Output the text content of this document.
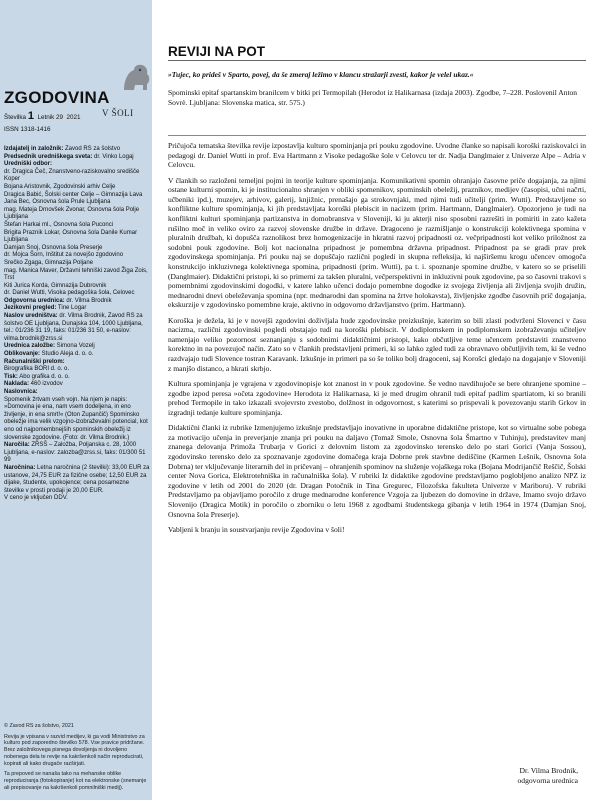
ZGODOVINA
V ŠOLI
Številka 1 Letnik 29 2021
ISSN 1318-1416

Izdajatelj in založnik: Zavod RS za šolstvo

Predsednik uredniškega sveta: dr. Vinko Logaj

Uredniški odbor:

dr. Dragica Čeč, Znanstveno-raziskovalno središče Koper

Bojana Aristovnik, Zgodovinski arhiv Celje

Dragica Babić, Šolski center Celje – Gimnazija Lava

Jana Bec, Osnovna šola Prule Ljubljana

mag. Mateja Drnovšek Zvonar, Osnovna šola Polje Ljubljana

Štefan Harkai ml., Osnovna šola Puconci

Brigita Praznik Lokar, Osnovna šola Danile Kumar Ljubljana

Damjan Snoj, Osnovna šola Preserje

dr. Mojca Šorn, Inštitut za novejšo zgodovino

Srečko Zgaga, Gimnazija Poljane

mag. Manica Maver, Državni tehniški zavod Žiga Zois, Trst

Kiti Jurica Korda, Gimnazija Dubrovnik

dr. Daniel Wutti, Visoka pedagoška šola, Celovec

Odgovorna urednica: dr. Vilma Brodnik

Jezikovni pregled: Tine Logar

Naslov uredništva: dr. Vilma Brodnik, Zavod RS za šolstvo OE Ljubljana, Dunajska 104, 1000 Ljubljana, tel.: 01/236 31 19, faks: 01/236 31 50, e-naslov: vilma.brodnik@zrss.si

Urednica založbe: Simona Vozelj

Oblikovanje: Studio Aleja d. o. o.

Računalniški prelom:

Birografika BORI d. o. o.

Tisk: Abo grafika d. o. o.

Naklada: 460 izvodov

Naslovnica:

Spomenik žrtvam vseh vojn. Na njem je napis: »Domovina je ena, nam vsem dodeljena, in eno življenje, in ena smrt!« (Oton Zupančič) Spominsko obeležje ima velik vzgojno-izobraževalni potencial, kot eno od najpomembnejših spominskih obeležij iz slovenske zgodovine. (Foto: dr. Vilma Brodnik.)

Naročila: ZRSŠ – Založba, Poljanska c. 28, 1000 Ljubljana, e-naslov: zalozba@zrss.si, faks: 01/300 51 99

Naročnina: Letna naročnina (2 številki): 33,00 EUR za ustanove, 24,75 EUR za fizične osebe; 12,50 EUR za dijake, študente, upokojence; cena posamezne številke v prosti prodaji je 20,00 EUR.

V ceno je vključen DDV.

© Zavod RS za šolstvo, 2021

Revija je vpisana v razvid medijev, ki ga vodi Ministrstvo za kulturo pod zaporedno številko 578. Vse pravice pridržane. Brez založnikovega pisnega dovoljenja ni dovoljeno nobenega dela te revije na kakršenkoli način reproducirati, kopirati ali kako drugače razširjati.

Ta prepoved se nanaša tako na mehanske oblike reproduciranja (fotokopiranje) kot na elektronske (snemanje ali prepisovanje na kakršenkoli pomnilniški medij).

REVIJI NA POT
»Tujec, ko prideš v Sparto, povej, da še zmeraj ležimo v klancu stražarji zvesti, kakor je velel ukaz.«
Spominski epitaf spartanskim branilcem v bitki pri Termopilah (Herodot iz Halikarnasa (izdaja 2003). Zgodbe, 7–228. Poslovenil Anton Sovrè. Ljubljana: Slovenska matica, str. 575.)

Pričujoča tematska številka revije izpostavlja kulturo spominjanja pri pouku zgodovine. Uvodne članke so napisali koroški raziskovalci in pedagogi dr. Daniel Wutti in prof. Eva Hartmann z Visoke pedagoške šole v Celovcu ter dr. Nadja Danglmaier z Univerze Alpe – Adria v Celovcu.

V člankih so razloženi temeljni pojmi in teorije kulture spominjanja. Komunikativni spomin ohranjajo časovne priče dogajanja, za njimi ostane kulturni spomin, ki je institucionalno shranjen v obliki spomenikov, spominskih obeležij, praznikov, medijev (časopisi, učni načrti, učbeniki ipd.), muzejev, arhivov, galerij, knjižnic, prenašajo ga strokovnjaki, med njimi tudi učitelji (prim. Wutti). Predstavljene so konfliktne kulture spominjanja, ki jih predstavljata koroški plebiscit in nacizem (prim. Hartmann, Danglmaier). Opozorjeno je tudi na konfliktni kulturi spominjanja partizanstva in domobranstva v Sloveniji, ki ju akterji niso sposobni razrešiti in pomiriti in zato kažeta rušilno moč in veliko oviro za razvoj slovenske družbe in države. Dragoceno je razmišljanje o konstrukciji kolektivnega spomina v pluralnih družbah, ki dopušča raznolikost brez homogenizacije in hkratni razvoj pripadnosti oz. večpripadnosti kot veliko priložnost za sodobni pouk zgodovine. Bolj kot nacionalna pripadnost je pomembna državna pripadnost. Pripadnost pa se gradi prav prek zgodovinskega spominjanja. Pri pouku naj se dopuščajo različni pogledi in skupna refleksija, ki najširšemu krogu učencev omogoča konstrukcijo inkluzivnega kolektivnega spomina, pripadnosti (prim. Wutti), pa t. i. spoznanje spomine družbe, v katero so se priselili (Danglmaier). Didaktični pristopi, ki so primerni za takšen pluralni, večperspektivni in inkluzivni pouk zgodovine, pa so časovni trakovi s pomembnimi zgodovinskimi dogodki, v katere lahko učenci dodajo pomembne dogodke iz svojega življenja ali življenja svojih družin, mednarodni dnevi obeleževanja spomina (npr. mednarodni dan spomina na žrtve holokavsta), življenjske zgodbe časovnih prič dogajanja, ekskurzije v zgodovinsko pomembne kraje, aktivno in odgovorno državljanstvo (prim. Hartmann).

Koroška je dežela, ki je v novejši zgodovini doživljala hude zgodovinske preizkušnje, katerim so bili zlasti podvrženi Slovenci v času nacizma, različni zgodovinski pogledi obstajajo tudi na koroški plebiscit. V dodiplomskem in podiplomskem izobraževanju učiteljev namenjajo veliko pozornost seznanjanju s sodobnimi didaktičnimi pristopi, kako občutljive teme učencem predstaviti znanstveno korektno in na povezujoč način. Zato so v člankih predstavljeni primeri, ki so lahko zgled tudi za obravnavo občutljivih tem, ki še vedno razdvajajo tudi Slovence tostran Karavank. Izkušnje in primeri pa so še toliko bolj dragoceni, saj Korošci gledajo na dogajanje v Sloveniji z manjšo distanco, a hkrati skrbjo.

Kultura spominjanja je vgrajena v zgodovinopisje kot znanost in v pouk zgodovine. Še vedno navdihujoče se bere ohranjene spomine – zgodbe izpod peresa »očeta zgodovine« Herodota iz Halikarnasa, ki je med drugim ohranil tudi epitaf padlim spartiatom, ki so branili prehod Termopile in tako izkazali svojevrsto zvestobo, dolžnost in odgovornost, s katerimi so prispevali k povezovanju starih Grkov in izgradnji tedanje kulture spominjanja.

Didaktični članki iz rubrike Izmenjujemo izkušnje predstavljajo inovativne in uporabne didaktične pristope, kot so virtualne sobe pobega za motivacijo učenja in preverjanje znanja pri pouku na daljavo (Tomaž Smole, Osnovna šola Šmartno v Tuhinju), predstavitev manj znanega delovanja Primoža Trubarja v Gorici z delovnim listom za zgodovinsko terensko delo po stari Gorici (Vanja Sossou), zgodovinsko terensko delo za spoznavanje zgodovine domačega kraja Dobrne prek stavbne dediščine (Karmen Lešnik, Osnovna šola Dobrna) ter vključevanje literarnih del in pričevanj – ohranjenih spominov na služenje vojaškega roka (Bojana Modrijančič Reščič, Šolski center Nova Gorica, Elektrotehniška in računalniška šola). V rubriki Iz didaktike zgodovine predstavljamo poglobljeno analizo NPZ iz zgodovine v letih od 2001 do 2020 (dr. Dragan Potočnik in Tina Gregurec, Filozofska fakulteta Univerze v Mariboru). V rubriki Predstavljamo pa objavljamo poročilo z druge mednarodne konference Vzgoja za ljubezen do domovine in države, Imamo svojo državo Slovenijo (Dragica Motik) in poročilo o zborniku o letu 1968 z zgodbami študentskega gibanja v letih 1964 in 1974 (Damjan Snoj, Osnovna šola Preserje).

Vabljeni k branju in soustvarjanju revije Zgodovina v šoli!

Dr. Vilma Brodnik,
odgovorna urednica
